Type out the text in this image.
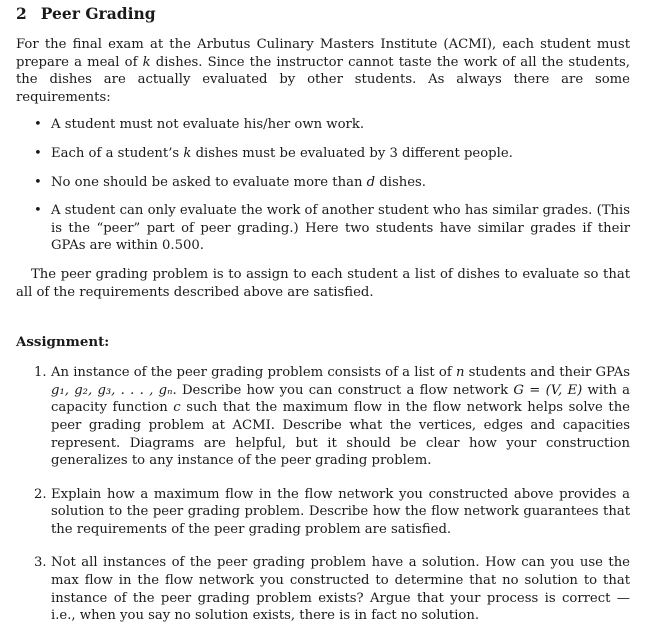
2 Peer Grading

For the final exam at the Arbutus Culinary Masters Institute (ACMI), each student must prepare a meal of k dishes. Since the instructor cannot taste the work of all the students, the dishes are actually evaluated by other students. As always there are some requirements:

• A student must not evaluate his/her own work.
• Each of a student’s k dishes must be evaluated by 3 different people.
• No one should be asked to evaluate more than d dishes.
• A student can only evaluate the work of another student who has similar grades. (This is the “peer” part of peer grading.) Here two students have similar grades if their GPAs are within 0.500.

The peer grading problem is to assign to each student a list of dishes to evaluate so that all of the requirements described above are satisfied.

Assignment:
1. An instance of the peer grading problem consists of a list of n students and their GPAs g₁, g₂, g₃, . . . , gₙ. Describe how you can construct a flow network G = (V, E) with a capacity function c such that the maximum flow in the flow network helps solve the peer grading problem at ACMI. Describe what the vertices, edges and capacities represent. Diagrams are helpful, but it should be clear how your construction generalizes to any instance of the peer grading problem.
2. Explain how a maximum flow in the flow network you constructed above provides a solution to the peer grading problem. Describe how the flow network guarantees that the requirements of the peer grading problem are satisfied.
3. Not all instances of the peer grading problem have a solution. How can you use the max flow in the flow network you constructed to determine that no solution to that instance of the peer grading problem exists? Argue that your process is correct — i.e., when you say no solution exists, there is in fact no solution.
